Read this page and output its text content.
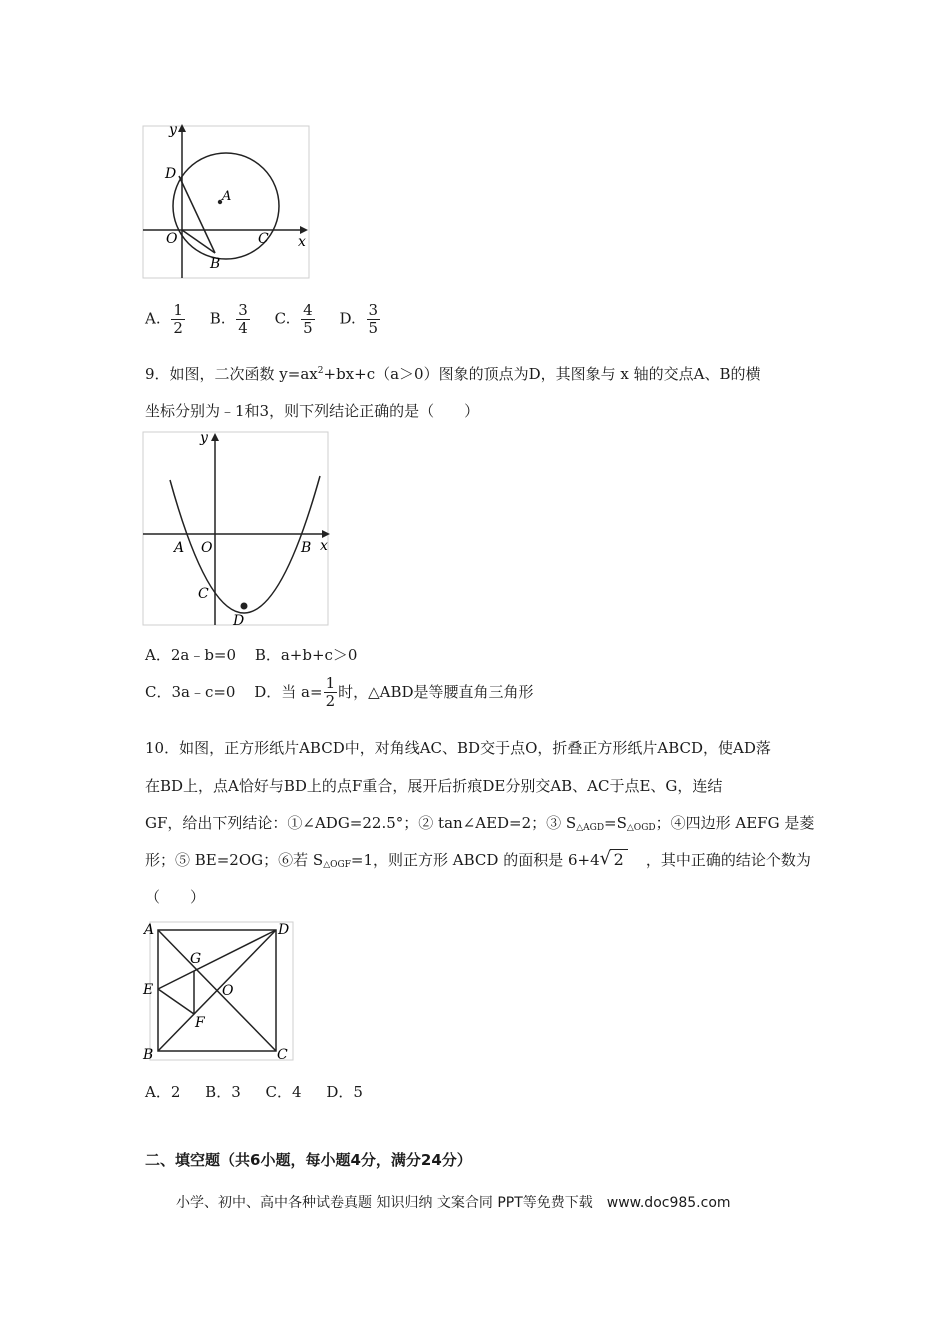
y
x
D
A
O	C
B
A. $\frac{1}{2} B$. $\frac{3}{4} C$. $\frac{4}{5} D$. $\frac{3}{5}$
9．如图，二次函数 $y=ax^2+bx+c(a>0)$图象的顶点为D，其图象与 x 轴的交点A、B的横
坐标分别为﹣1和3，则下列结论正确的是（　　）
y
x
A O	B
C
D
A．2a﹣b=0 B．a+b+c＞0
C．3a﹣c=0 D．当 $a= \frac{1}{2}$ 时，△ABD是等腰直角三角形
10．如图，正方形纸片ABCD中，对角线AC、BD交于点O，折叠正方形纸片ABCD，使AD落
在BD上，点A恰好与BD上的点F重合，展开后折痕DE分别交AB、AC于点E、G，连结
GF，给出下列结论：①∠ADG=22.5°；② tan∠AED=2；③ $S_{\triangle AGD}=S_{\triangle OGD}$；④四边形 AEFG 是菱
形；⑤ BE=2OG；⑥若 $S_{\triangle OGF}=1$，则正方形 ABCD 的面积是 6+4 √ 2 ，其中正确的结论个数为
（　　）
A	D
G
E	O
F
B	C
A．2 B．3 C．4 D．5
二、填空题（共6小题，每小题4分，满分24分）
小学、初中、高中各种试卷真题 知识归纳 文案合同 PPT等免费下载　www.doc985.com
